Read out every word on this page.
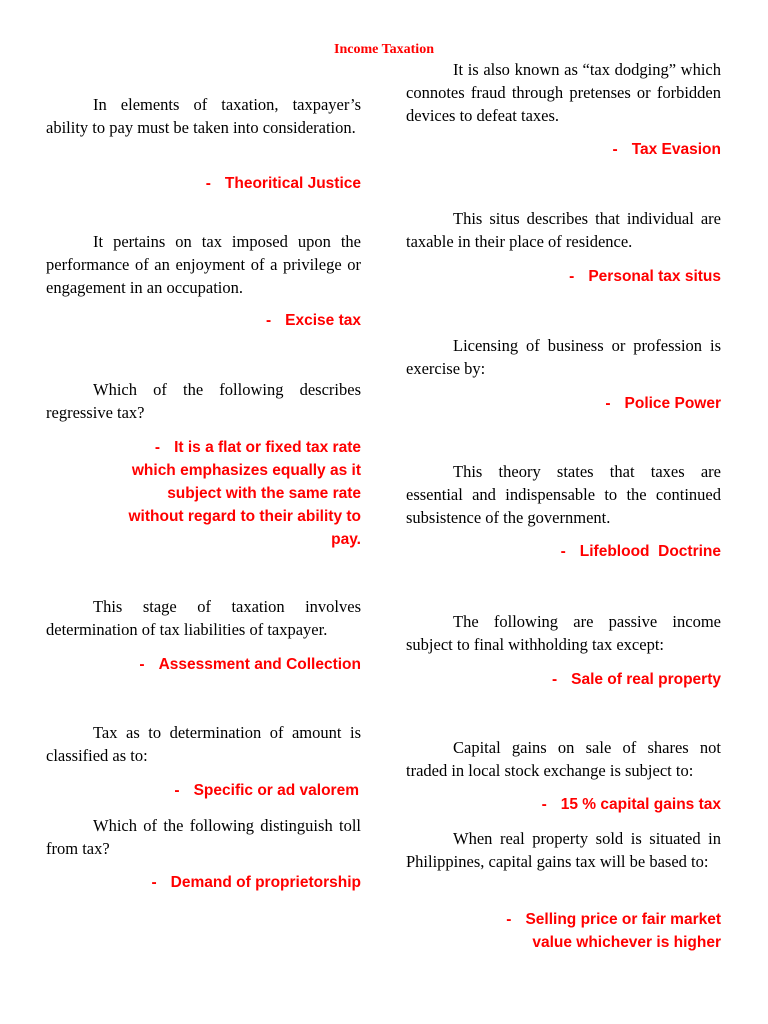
Income Taxation

In elements of taxation, taxpayer’s ability to pay must be taken into consideration.

- Theoritical Justice

It pertains on tax imposed upon the performance of an enjoyment of a privilege or engagement in an occupation.

- Excise tax

Which of the following describes regressive tax?

- It is a flat or fixed tax rate which emphasizes equally as it subject with the same rate without regard to their ability to pay.

This stage of taxation involves determination of tax liabilities of taxpayer.

- Assessment and Collection

Tax as to determination of amount is classified as to:

- Specific or ad valorem

Which of the following distinguish toll from tax?

- Demand of proprietorship

It is also known as “tax dodging” which connotes fraud through pretenses or forbidden devices to defeat taxes.

- Tax Evasion

This situs describes that individual are taxable in their place of residence.

- Personal tax situs

Licensing of business or profession is exercise by:

- Police Power

This theory states that taxes are essential and indispensable to the continued subsistence of the government.

- Lifeblood  Doctrine

The following are passive income subject to final withholding tax except:

- Sale of real property

Capital gains on sale of shares not traded in local stock exchange is subject to:

- 15 % capital gains tax

When real property sold is situated in Philippines, capital gains tax will be based to:

- Selling price or fair market value whichever is higher
